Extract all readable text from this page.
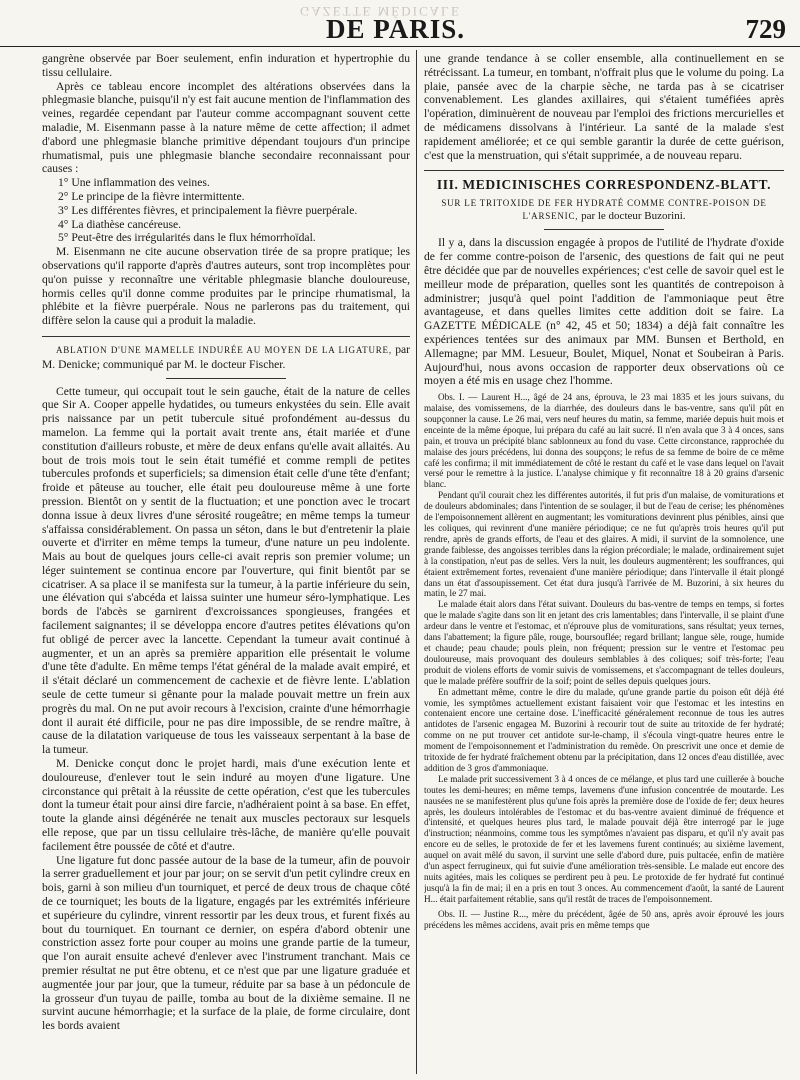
GAZETTE MÉDICALE
DE PARIS.	729

gangrène observée par Boer seulement, enfin induration et hypertrophie du tissu cellulaire.

Après ce tableau encore incomplet des altérations observées dans la phlegmasie blanche, puisqu'il n'y est fait aucune mention de l'inflammation des veines, regardée cependant par l'auteur comme accompagnant souvent cette maladie, M. Eisenmann passe à la nature même de cette affection; il admet d'abord une phlegmasie blanche primitive dépendant toujours d'un principe rhumatismal, puis une phlegmasie blanche secondaire reconnaissant pour causes :

1° Une inflammation des veines.
2° Le principe de la fièvre intermittente.
3° Les différentes fièvres, et principalement la fièvre puerpérale.
4° La diathèse cancéreuse.
5° Peut-être des irrégularités dans le flux hémorrhoïdal.

M. Eisenmann ne cite aucune observation tirée de sa propre pratique; les observations qu'il rapporte d'après d'autres auteurs, sont trop incomplètes pour qu'on puisse y reconnaître une véritable phlegmasie blanche douloureuse, hormis celles qu'il donne comme produites par le principe rhumatismal, la phlébite et la fièvre puerpérale. Nous ne parlerons pas du traitement, qui diffère selon la cause qui a produit la maladie.

ABLATION D'UNE MAMELLE INDURÉE AU MOYEN DE LA LIGATURE, par M. Denicke; communiqué par M. le docteur Fischer.

Cette tumeur, qui occupait tout le sein gauche, était de la nature de celles que Sir A. Cooper appelle hydatides, ou tumeurs enkystées du sein. Elle avait pris naissance par un petit tubercule situé profondément au-dessus du mamelon. La femme qui la portait avait trente ans, était mariée et d'une constitution d'ailleurs robuste, et mère de deux enfans qu'elle avait allaités. Au bout de trois mois tout le sein était tuméfié et comme rempli de petites tubercules profonds et superficiels; sa dimension était celle d'une tête d'enfant; froide et pâteuse au toucher, elle était peu douloureuse même à une forte pression. Bientôt on y sentit de la fluctuation; et une ponction avec le trocart donna issue à deux livres d'une sérosité rougeâtre; en même temps la tumeur s'affaissa considérablement. On passa un séton, dans le but d'entretenir la plaie ouverte et d'irriter en même temps la tumeur, d'une nature un peu indolente. Mais au bout de quelques jours celle-ci avait repris son premier volume; un léger suintement se continua encore par l'ouverture, qui finit bientôt par se cicatriser. A sa place il se manifesta sur la tumeur, à la partie inférieure du sein, une élévation qui s'abcéda et laissa suinter une humeur séro-lymphatique. Les bords de l'abcès se garnirent d'excroissances spongieuses, frangées et facilement saignantes; il se développa encore d'autres petites élévations qu'on fut obligé de percer avec la lancette. Cependant la tumeur avait continué à augmenter, et un an après sa première apparition elle présentait le volume d'une tête d'adulte. En même temps l'état général de la malade avait empiré, et il s'était déclaré un commencement de cachexie et de fièvre lente. L'ablation seule de cette tumeur si gênante pour la malade pouvait mettre un frein aux progrès du mal. On ne put avoir recours à l'excision, crainte d'une hémorrhagie dont il aurait été difficile, pour ne pas dire impossible, de se rendre maître, à cause de la dilatation variqueuse de tous les vaisseaux serpentant à la base de la tumeur.

M. Denicke conçut donc le projet hardi, mais d'une exécution lente et douloureuse, d'enlever tout le sein induré au moyen d'une ligature. Une circonstance qui prêtait à la réussite de cette opération, c'est que les tubercules dont la tumeur était pour ainsi dire farcie, n'adhéraient point à sa base. En effet, toute la glande ainsi dégénérée ne tenait aux muscles pectoraux sur lesquels elle repose, que par un tissu cellulaire très-lâche, de manière qu'elle pouvait facilement être poussée de côté et d'autre.

Une ligature fut donc passée autour de la base de la tumeur, afin de pouvoir la serrer graduellement et jour par jour; on se servit d'un petit cylindre creux en bois, garni à son milieu d'un tourniquet, et percé de deux trous de chaque côté de ce tourniquet; les bouts de la ligature, engagés par les extrémités inférieure et supérieure du cylindre, vinrent ressortir par les deux trous, et furent fixés au bout du tourniquet. En tournant ce dernier, on espéra d'abord obtenir une constriction assez forte pour couper au moins une grande partie de la tumeur, que l'on aurait ensuite achevé d'enlever avec l'instrument tranchant. Mais ce premier résultat ne put être obtenu, et ce n'est que par une ligature graduée et augmentée jour par jour, que la tumeur, réduite par sa base à un pédoncule de la grosseur d'un tuyau de paille, tomba au bout de la dixième semaine. Il ne survint aucune hémorrhagie; et la surface de la plaie, de forme circulaire, dont les bords avaient

une grande tendance à se coller ensemble, alla continuellement en se rétrécissant. La tumeur, en tombant, n'offrait plus que le volume du poing. La plaie, pansée avec de la charpie sèche, ne tarda pas à se cicatriser convenablement. Les glandes axillaires, qui s'étaient tuméfiées après l'opération, diminuèrent de nouveau par l'emploi des frictions mercurielles et de médicamens dissolvans à l'intérieur. La santé de la malade s'est rapidement améliorée; et ce qui semble garantir la durée de cette guérison, c'est que la menstruation, qui s'était supprimée, a de nouveau reparu.

III. MEDICINISCHES CORRESPONDENZ-BLATT.
SUR LE TRITOXIDE DE FER HYDRATÉ COMME CONTRE-POISON DE L'ARSENIC, par le docteur Buzorini.

Il y a, dans la discussion engagée à propos de l'utilité de l'hydrate d'oxide de fer comme contre-poison de l'arsenic, des questions de fait qui ne peut être décidée que par de nouvelles expériences; c'est celle de savoir quel est le meilleur mode de préparation, quelles sont les quantités de contrepoison à administrer; jusqu'à quel point l'addition de l'ammoniaque peut être avantageuse, et dans quelles limites cette addition doit se faire. La GAZETTE MÉDICALE (n° 42, 45 et 50; 1834) a déjà fait connaître les expériences tentées sur des animaux par MM. Bunsen et Berthold, en Allemagne; par MM. Lesueur, Boulet, Miquel, Nonat et Soubeiran à Paris. Aujourd'hui, nous avons occasion de rapporter deux observations où ce moyen a été mis en usage chez l'homme.

Obs. I. — Laurent H..., âgé de 24 ans, éprouva, le 23 mai 1835 et les jours suivans, du malaise, des vomissemens, de la diarrhée, des douleurs dans le bas-ventre, sans qu'il pût en soupçonner la cause. Le 26 mai, vers neuf heures du matin, sa femme, mariée depuis huit mois et enceinte de la même époque, lui prépara du café au lait sucré. Il n'en avala que 3 à 4 onces, sans pain, et trouva un précipité blanc sablonneux au fond du vase. Cette circonstance, rapprochée du malaise des jours précédens, lui donna des soupçons; le refus de sa femme de boire de ce même café les confirma; il mit immédiatement de côté le restant du café et le vase dans lequel on l'avait versé pour le remettre à la justice. L'analyse chimique y fit reconnaître 18 à 20 grains d'arsenic blanc.

Pendant qu'il courait chez les différentes autorités, il fut pris d'un malaise, de vomiturations et de douleurs abdominales; dans l'intention de se soulager, il but de l'eau de cerise; les phénomènes de l'empoisonnement allèrent en augmentant; les vomiturations devinrent plus pénibles, ainsi que les coliques, qui revinrent d'une manière périodique; ce ne fut qu'après trois heures qu'il put rendre, après de grands efforts, de l'eau et des glaires. A midi, il survint de la somnolence, une grande faiblesse, des angoisses terribles dans la région précordiale; le malade, ordinairement sujet à la constipation, n'eut pas de selles. Vers la nuit, les douleurs augmentèrent; les souffrances, qui étaient extrêmement fortes, revenaient d'une manière périodique; dans l'intervalle il était plongé dans un état d'assoupissement. Cet état dura jusqu'à l'arrivée de M. Buzorini, à six heures du matin, le 27 mai.

Le malade était alors dans l'état suivant. Douleurs du bas-ventre de temps en temps, si fortes que le malade s'agite dans son lit en jetant des cris lamentables; dans l'intervalle, il se plaint d'une ardeur dans le ventre et l'estomac, et n'éprouve plus de vomiturations, sans résultat; yeux ternes, dans l'abattement; la figure pâle, rouge, boursouflée; regard brillant; langue sèle, rouge, humide et chaude; peau chaude; pouls plein, non fréquent; pression sur le ventre et l'estomac peu douloureuse, mais provoquant des douleurs semblables à des coliques; soif très-forte; l'eau produit de violens efforts de vomir suivis de vomissemens, et s'accompagnant de telles douleurs, que le malade préfère souffrir de la soif; point de selles depuis quelques jours.

En admettant même, contre le dire du malade, qu'une grande partie du poison eût déjà été vomie, les symptômes actuellement existant faisaient voir que l'estomac et les intestins en contenaient encore une certaine dose. L'inefficacité généralement reconnue de tous les autres antidotes de l'arsenic engagea M. Buzorini à recourir tout de suite au tritoxide de fer hydraté; comme on ne put trouver cet antidote sur-le-champ, il s'écoula vingt-quatre heures entre le moment de l'empoisonnement et l'administration du remède. On prescrivit une once et demie de tritoxide de fer hydraté fraîchement obtenu par la précipitation, dans 12 onces d'eau distillée, avec addition de 3 gros d'ammoniaque.

Le malade prit successivement 3 à 4 onces de ce mélange, et plus tard une cuillerée à bouche toutes les demi-heures; en même temps, lavemens d'une infusion concentrée de moutarde. Les nausées ne se manifestèrent plus qu'une fois après la première dose de l'oxide de fer; deux heures après, les douleurs intolérables de l'estomac et du bas-ventre avaient diminué de fréquence et d'intensité, et quelques heures plus tard, le malade pouvait déjà être interrogé par le juge d'instruction; néanmoins, comme tous les symptômes n'avaient pas disparu, et qu'il n'y avait pas encore eu de selles, le protoxide de fer et les lavemens furent continués; au sixième lavement, auquel on avait mêlé du savon, il survint une selle d'abord dure, puis pultacée, enfin de matière d'un aspect ferrugineux, qui fut suivie d'une amélioration très-sensible. Le malade eut encore des nuits agitées, mais les coliques se perdirent peu à peu. Le protoxide de fer hydraté fut continué jusqu'à la fin de mai; il en a pris en tout 3 onces. Au commencement d'août, la santé de Laurent H... était parfaitement rétablie, sans qu'il restât de traces de l'empoisonnement.

Obs. II. — Justine R..., mère du précédent, âgée de 50 ans, après avoir éprouvé les jours précédens les mêmes accidens, avait pris en même temps que
